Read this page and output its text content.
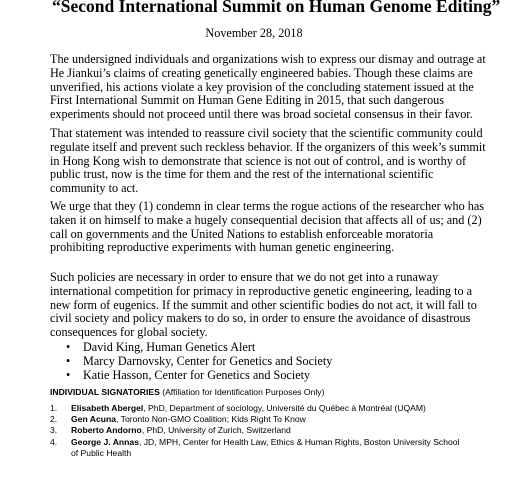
“Second International Summit on Human Genome Editing”
November 28, 2018
The undersigned individuals and organizations wish to express our dismay and outrage at
He Jiankui’s claims of creating genetically engineered babies. Though these claims are
unverified, his actions violate a key provision of the concluding statement issued at the
First International Summit on Human Gene Editing in 2015, that such dangerous
experiments should not proceed until there was broad societal consensus in their favor.
That statement was intended to reassure civil society that the scientific community could
regulate itself and prevent such reckless behavior. If the organizers of this week’s summit
in Hong Kong wish to demonstrate that science is not out of control, and is worthy of
public trust, now is the time for them and the rest of the international scientific
community to act.
We urge that they (1) condemn in clear terms the rogue actions of the researcher who has
taken it on himself to make a hugely consequential decision that affects all of us; and (2)
call on governments and the United Nations to establish enforceable moratoria
prohibiting reproductive experiments with human genetic engineering.
Such policies are necessary in order to ensure that we do not get into a runaway
international competition for primacy in reproductive genetic engineering, leading to a
new form of eugenics. If the summit and other scientific bodies do not act, it will fall to
civil society and policy makers to do so, in order to ensure the avoidance of disastrous
consequences for global society.
•	David King, Human Genetics Alert
•	Marcy Darnovsky, Center for Genetics and Society
•	Katie Hasson, Center for Genetics and Society
INDIVIDUAL SIGNATORIES (Affiliation for Identification Purposes Only)
1.	Elisabeth Abergel, PhD, Department of sociology, Université du Québec à Montréal (UQAM)
2.	Gen Acuna, Toronto Non-GMO Coalition; Kids Right To Know
3.	Roberto Andorno, PhD, University of Zurich, Switzerland
4.	George J. Annas, JD, MPH, Center for Health Law, Ethics & Human Rights, Boston University School
of Public Health
